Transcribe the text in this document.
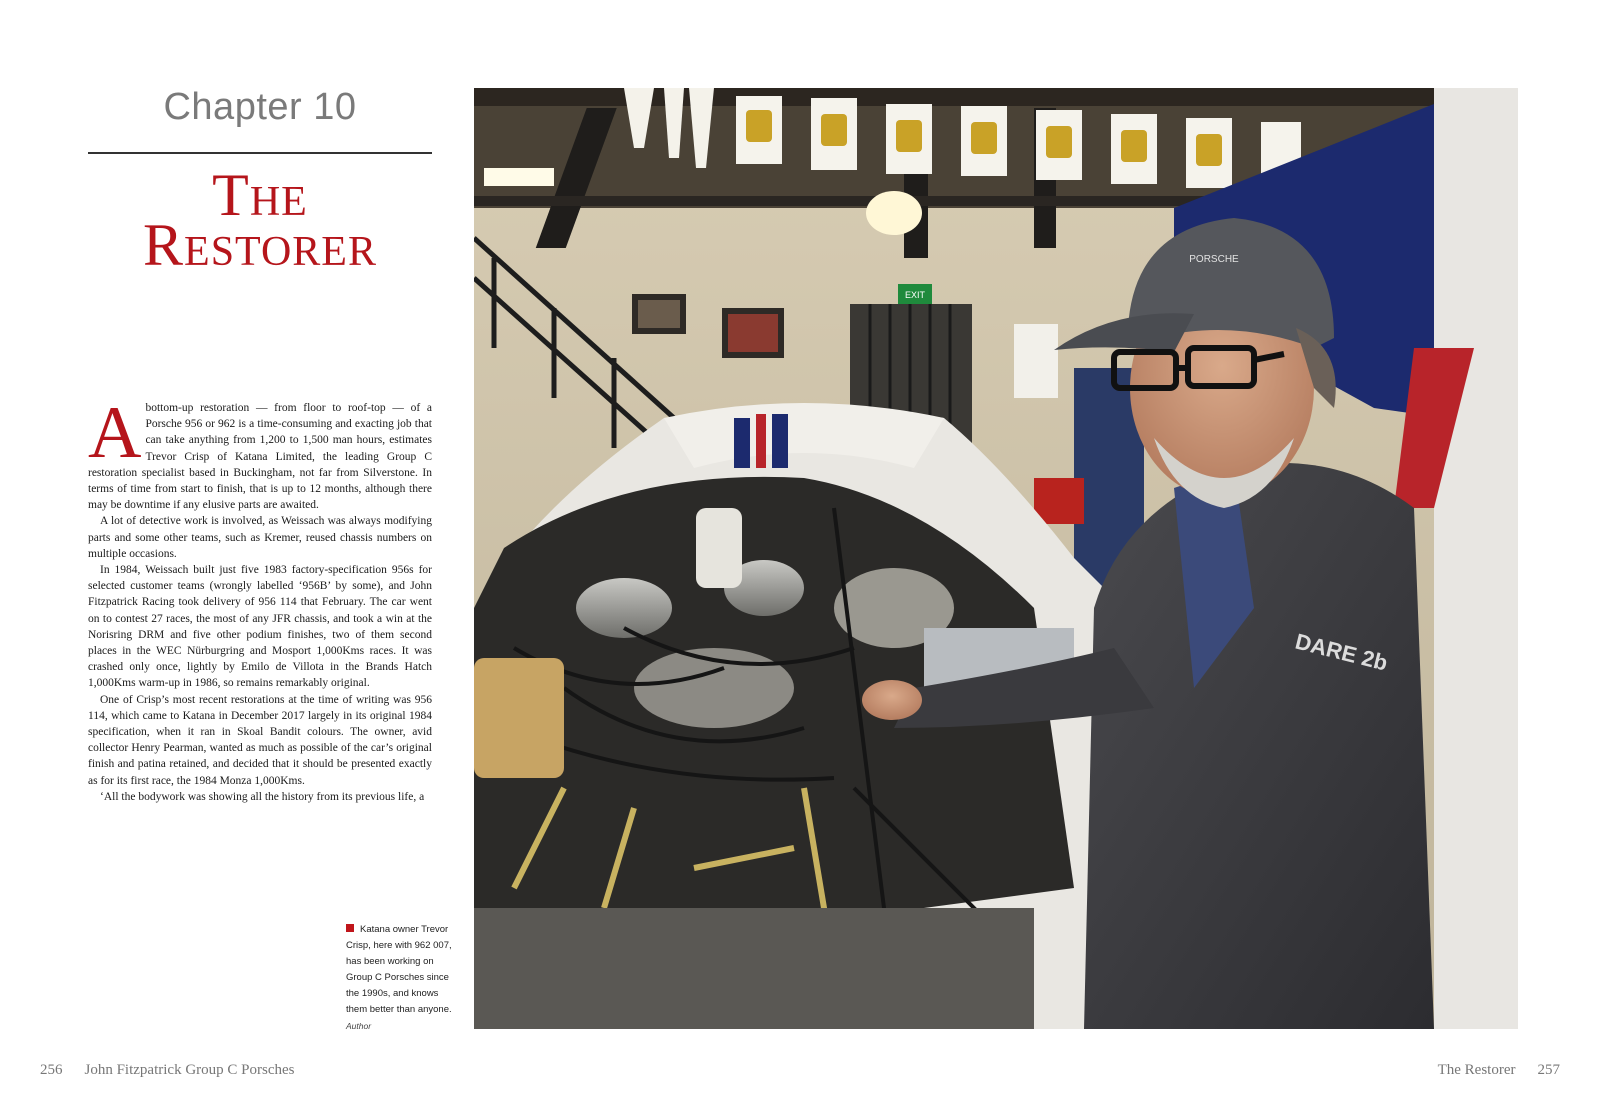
Chapter 10
The
Restorer

Abottom-up restoration — from floor to roof-top — of a Porsche 956 or 962 is a time-consuming and exacting job that can take anything from 1,200 to 1,500 man hours, estimates Trevor Crisp of Katana Limited, the leading Group C restoration specialist based in Buckingham, not far from Silverstone. In terms of time from start to finish, that is up to 12 months, although there may be downtime if any elusive parts are awaited.

A lot of detective work is involved, as Weissach was always modifying parts and some other teams, such as Kremer, reused chassis numbers on multiple occasions.

In 1984, Weissach built just five 1983 factory-specification 956s for selected customer teams (wrongly labelled ‘956B’ by some), and John Fitzpatrick Racing took delivery of 956 114 that February. The car went on to contest 27 races, the most of any JFR chassis, and took a win at the Norisring DRM and five other podium finishes, two of them second places in the WEC Nürburgring and Mosport 1,000Kms races. It was crashed only once, lightly by Emilo de Villota in the Brands Hatch 1,000Kms warm-up in 1986, so remains remarkably original.

One of Crisp’s most recent restorations at the time of writing was 956 114, which came to Katana in December 2017 largely in its original 1984 specification, when it ran in Skoal Bandit colours. The owner, avid collector Henry Pearman, wanted as much as possible of the car’s original finish and patina retained, and decided that it should be presented exactly as for its first race, the 1984 Monza 1,000Kms.

‘All the bodywork was showing all the history from its previous life, a

Katana owner Trevor Crisp, here with 962 007, has been working on Group C Porsches since the 1990s, and knows them better than anyone.
Author
EXIT
DARE 2b
PORSCHE
256 John Fitzpatrick Group C Porsches	The Restorer 257
